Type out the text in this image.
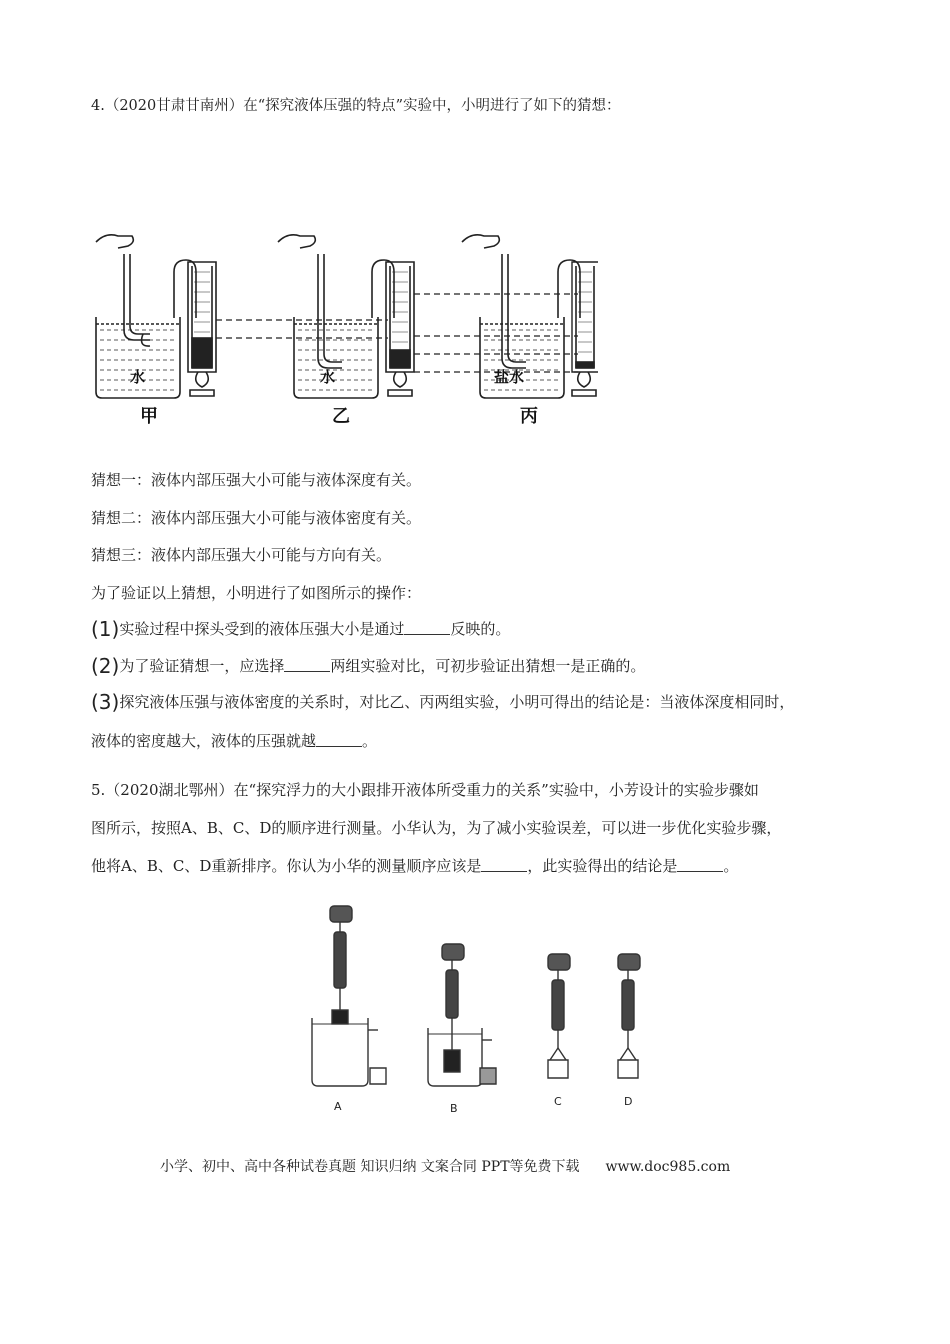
4.（2020甘肃甘南州）在“探究液体压强的特点”实验中，小明进行了如下的猜想：
水	水	盐水
甲	乙	丙
猜想一：液体内部压强大小可能与液体深度有关。
猜想二：液体内部压强大小可能与液体密度有关。
猜想三：液体内部压强大小可能与方向有关。
为了验证以上猜想，小明进行了如图所示的操作：
(1)实验过程中探头受到的液体压强大小是通过	反映的。
(2)为了验证猜想一，应选择	两组实验对比，可初步验证出猜想一是正确的。
(3)探究液体压强与液体密度的关系时，对比乙、丙两组实验，小明可得出的结论是：当液体深度相同时，
液体的密度越大，液体的压强就越	。
5.（2020湖北鄂州）在“探究浮力的大小跟排开液体所受重力的关系”实验中，小芳设计的实验步骤如
图所示，按照A、B、C、D的顺序进行测量。小华认为，为了减小实验误差，可以进一步优化实验步骤，
他将A、B、C、D重新排序。你认为小华的测量顺序应该是	，此实验得出的结论是	。
A	B
C	D
小学、初中、高中各种试卷真题 知识归纳 文案合同 PPT等免费下载 www.doc985.com
